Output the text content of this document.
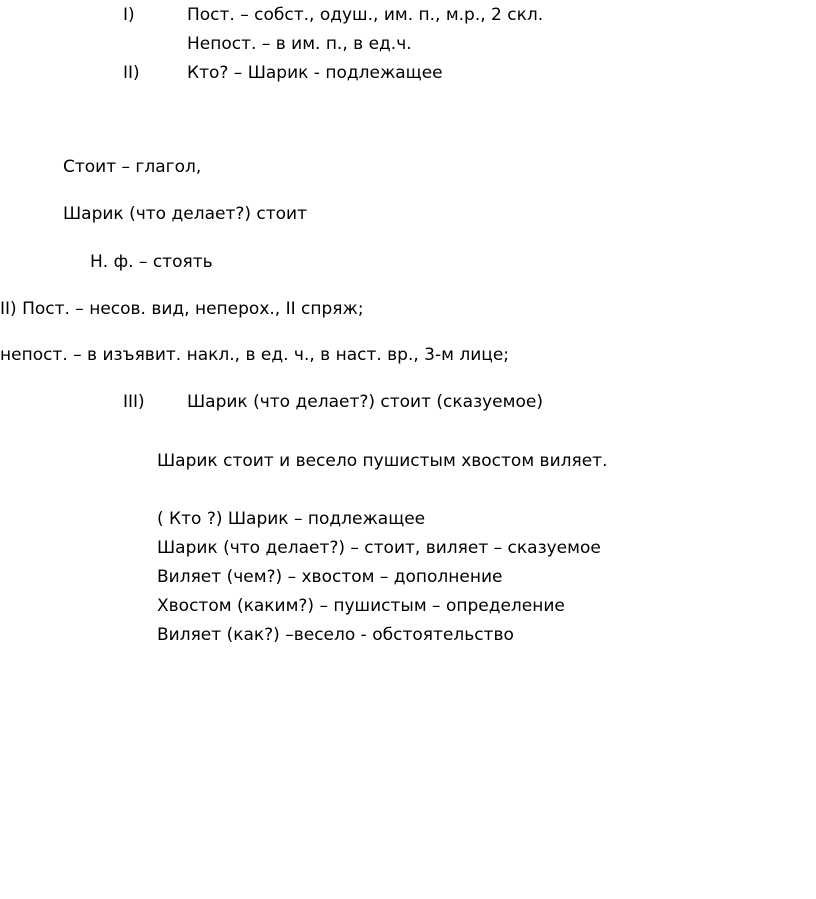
I)	Пост. – собст., одуш., им. п., м.р., 2 скл.
Непост. – в им. п., в ед.ч.
II)	Кто? – Шарик - подлежащее
Стоит – глагол,
Шарик (что делает?) стоит
Н. ф. – стоять
II) Пост. – несов. вид, неперох., II спряж;
непост. – в изъявит. накл., в ед. ч., в наст. вр., 3-м лице;
III) Шарик (что делает?) стоит (сказуемое)
Шарик стоит и весело пушистым хвостом виляет.
( Кто ?) Шарик – подлежащее
Шарик (что делает?) – стоит, виляет – сказуемое
Виляет (чем?) – хвостом – дополнение
Хвостом (каким?) – пушистым – определение
Виляет (как?) –весело - обстоятельство
